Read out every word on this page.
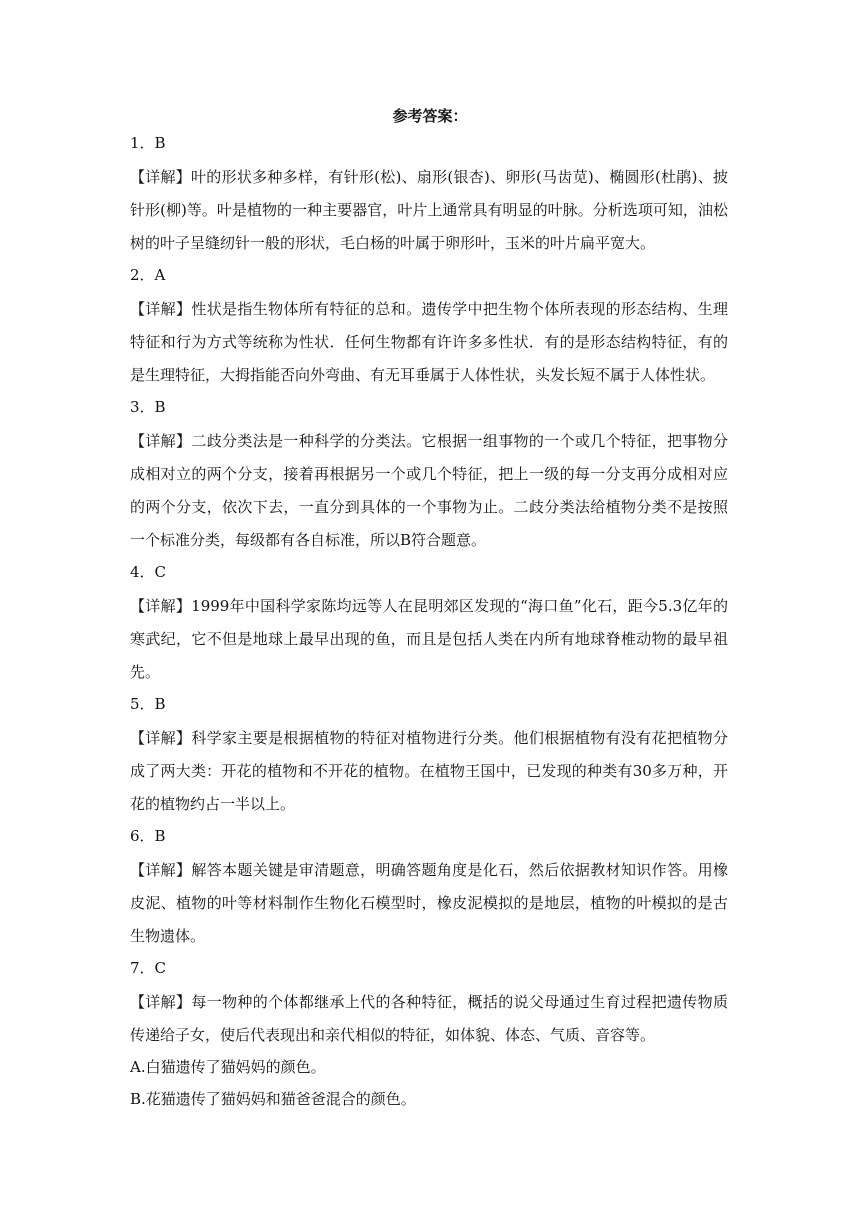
参考答案：
1．B
【详解】叶的形状多种多样，有针形(松)、扇形(银杏)、卵形(马齿苋)、椭圆形(杜鹃)、披针形(柳)等。叶是植物的一种主要器官，叶片上通常具有明显的叶脉。分析选项可知，油松树的叶子呈缝纫针一般的形状，毛白杨的叶属于卵形叶，玉米的叶片扁平宽大。
2．A
【详解】性状是指生物体所有特征的总和。遗传学中把生物个体所表现的形态结构、生理特征和行为方式等统称为性状．任何生物都有许许多多性状．有的是形态结构特征，有的是生理特征，大拇指能否向外弯曲、有无耳垂属于人体性状，头发长短不属于人体性状。
3．B
【详解】二歧分类法是一种科学的分类法。它根据一组事物的一个或几个特征，把事物分成相对立的两个分支，接着再根据另一个或几个特征，把上一级的每一分支再分成相对应的两个分支，依次下去，一直分到具体的一个事物为止。二歧分类法给植物分类不是按照一个标准分类，每级都有各自标准，所以B符合题意。
4．C
【详解】1999年中国科学家陈均远等人在昆明郊区发现的“海口鱼”化石，距今5.3亿年的寒武纪，它不但是地球上最早出现的鱼，而且是包括人类在内所有地球脊椎动物的最早祖先。
5．B
【详解】科学家主要是根据植物的特征对植物进行分类。他们根据植物有没有花把植物分成了两大类：开花的植物和不开花的植物。在植物王国中，已发现的种类有30多万种，开花的植物约占一半以上。
6．B
【详解】解答本题关键是审清题意，明确答题角度是化石，然后依据教材知识作答。用橡皮泥、植物的叶等材料制作生物化石模型时，橡皮泥模拟的是地层，植物的叶模拟的是古生物遗体。
7．C
【详解】每一物种的个体都继承上代的各种特征，概括的说父母通过生育过程把遗传物质传递给子女，使后代表现出和亲代相似的特征，如体貌、体态、气质、音容等。
A.白猫遗传了猫妈妈的颜色。
B.花猫遗传了猫妈妈和猫爸爸混合的颜色。
